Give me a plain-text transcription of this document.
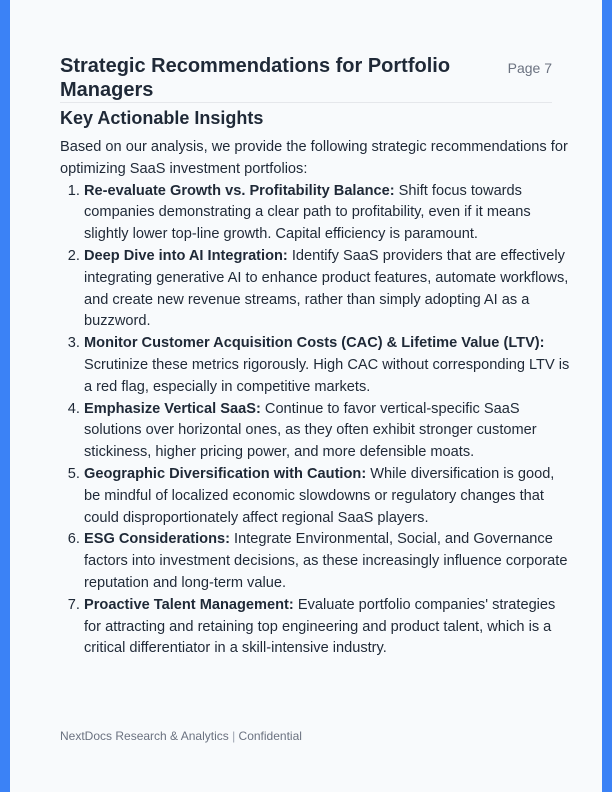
Strategic Recommendations for Portfolio Managers
Page 7
Key Actionable Insights

Based on our analysis, we provide the following strategic recommendations for optimizing SaaS investment portfolios:

1. Re-evaluate Growth vs. Profitability Balance: Shift focus towards companies demonstrating a clear path to profitability, even if it means slightly lower top-line growth. Capital efficiency is paramount.
2. Deep Dive into AI Integration: Identify SaaS providers that are effectively integrating generative AI to enhance product features, automate workflows, and create new revenue streams, rather than simply adopting AI as a buzzword.
3. Monitor Customer Acquisition Costs (CAC) & Lifetime Value (LTV): Scrutinize these metrics rigorously. High CAC without corresponding LTV is a red flag, especially in competitive markets.
4. Emphasize Vertical SaaS: Continue to favor vertical-specific SaaS solutions over horizontal ones, as they often exhibit stronger customer stickiness, higher pricing power, and more defensible moats.
5. Geographic Diversification with Caution: While diversification is good, be mindful of localized economic slowdowns or regulatory changes that could disproportionately affect regional SaaS players.
6. ESG Considerations: Integrate Environmental, Social, and Governance factors into investment decisions, as these increasingly influence corporate reputation and long-term value.
7. Proactive Talent Management: Evaluate portfolio companies' strategies for attracting and retaining top engineering and product talent, which is a critical differentiator in a skill-intensive industry.
NextDocs Research & Analytics | Confidential
